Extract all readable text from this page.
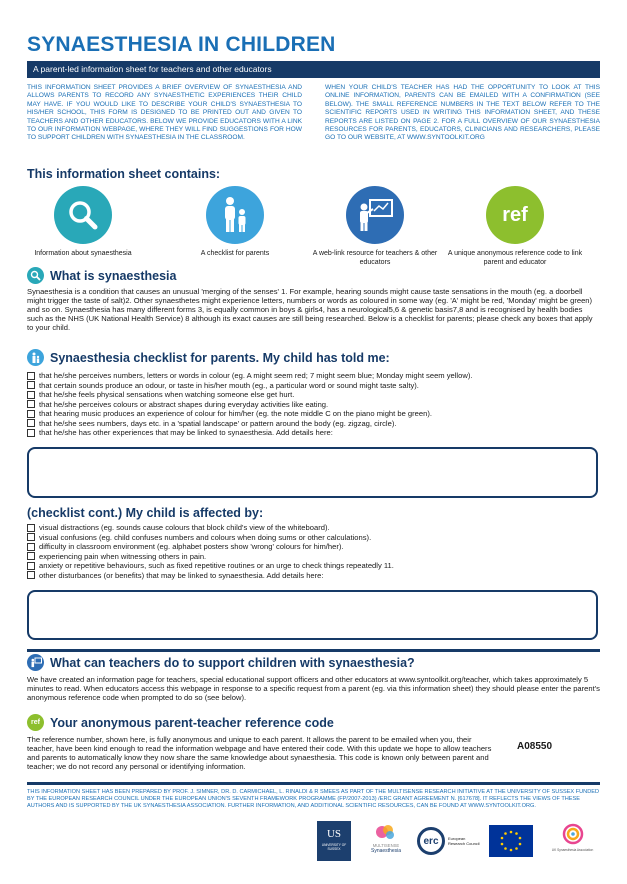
SYNAESTHESIA IN CHILDREN
A parent-led information sheet for teachers and other educators
THIS INFORMATION SHEET PROVIDES A BRIEF OVERVIEW OF SYNAESTHESIA AND ALLOWS PARENTS TO RECORD ANY SYNAESTHETIC EXPERIENCES THEIR CHILD MAY HAVE. IF YOU WOULD LIKE TO DESCRIBE YOUR CHILD'S SYNAESTHESIA TO HIS/HER SCHOOL, THIS FORM IS DESIGNED TO BE PRINTED OUT AND GIVEN TO TEACHERS AND OTHER EDUCATORS. BELOW WE PROVIDE EDUCATORS WITH A LINK TO OUR INFORMATION WEBPAGE, WHERE THEY WILL FIND SUGGESTIONS FOR HOW TO SUPPORT CHILDREN WITH SYNAESTHESIA IN THE CLASSROOM.
WHEN YOUR CHILD'S TEACHER HAS HAD THE OPPORTUNITY TO LOOK AT THIS ONLINE INFORMATION, PARENTS CAN BE EMAILED WITH A CONFIRMATION (SEE BELOW). THE SMALL REFERENCE NUMBERS IN THE TEXT BELOW REFER TO THE SCIENTIFIC REPORTS USED IN WRITING THIS INFORMATION SHEET, AND THESE REPORTS ARE LISTED ON PAGE 2. FOR A FULL OVERVIEW OF OUR SYNAESTHESIA RESOURCES FOR PARENTS, EDUCATORS, CLINICIANS AND RESEARCHERS, PLEASE GO TO OUR WEBSITE, AT WWW.SYNTOOLKIT.ORG
This information sheet contains:
Information about synaesthesia	A checklist for parents	A web-link resource for teachers & other educators
ref
A unique anonymous reference code to link parent and educator
What is synaesthesia
Synaesthesia is a condition that causes an unusual 'merging of the senses' 1. For example, hearing sounds might cause taste sensations in the mouth (eg. a doorbell might trigger the taste of salt)2. Other synaesthetes might experience letters, numbers or words as coloured in some way (eg. 'A' might be red, 'Monday' might be green) and so on. Synaesthesia has many different forms 3, is equally common in boys & girls4, has a neurological5,6 & genetic basis7,8 and is recognised by health bodies such as the NHS (UK National Health Service) 8 although its exact causes are still being researched. Below is a checklist for parents; please check any boxes that apply to your child.
Synaesthesia checklist for parents. My child has told me:
that he/she perceives numbers, letters or words in colour (eg. A might seem red; 7 might seem blue; Monday might seem yellow).
that certain sounds produce an odour, or taste in his/her mouth (eg., a particular word or sound might taste salty).
that he/she feels physical sensations when watching someone else get hurt.
that he/she perceives colours or abstract shapes during everyday activities like eating.
that hearing music produces an experience of colour for him/her (eg. the note middle C on the piano might be green).
that he/she sees numbers, days etc. in a 'spatial landscape' or pattern around the body (eg. zigzag, circle).
that he/she has other experiences that may be linked to synaesthesia. Add details here:
(checklist cont.) My child is affected by:
visual distractions (eg. sounds cause colours that block child's view of the whiteboard).
visual confusions (eg. child confuses numbers and colours when doing sums or other calculations).
difficulty in classroom environment (eg. alphabet posters show 'wrong' colours for him/her).
experiencing pain when witnessing others in pain.
anxiety or repetitive behaviours, such as fixed repetitive routines or an urge to check things repeatedly 11.
other disturbances (or benefits) that may be linked to synaesthesia. Add details here:
What can teachers do to support children with synaesthesia?
We have created an information page for teachers, special educational support officers and other educators at www.syntoolkit.org/teacher, which takes approximately 5 minutes to read. When educators access this webpage in response to a specific request from a parent (eg. via this information sheet) they should please enter the parent's anonymous reference code when prompted to do so (see below).
ref Your anonymous parent-teacher reference code
The reference number, shown here, is fully anonymous and unique to each parent. It allows the parent to be emailed when you, their teacher, have been kind enough to read the information webpage and have entered their code. With this update we hope to allow teachers and parents to automatically know they now share the same knowledge about synaesthesia. This code is known only between parent and teacher; we do not record any personal or identifying information.
A08550
THIS INFORMATION SHEET HAS BEEN PREPARED BY PROF. J. SIMNER, DR. D. CARMICHAEL, L. RINALDI & R SMEES AS PART OF THE MULTISENSE RESEARCH INITIATIVE AT THE UNIVERSITY OF SUSSEX FUNDED BY THE EUROPEAN RESEARCH COUNCIL UNDER THE EUROPEAN UNION'S SEVENTH FRAMEWORK PROGRAMME (FP/2007-2013) /ERC GRANT AGREEMENT N. [617678]. IT REFLECTS THE VIEWS OF THESE AUTHORS AND IS SUPPORTED BY THE UK SYNAESTHESIA ASSOCIATION. FURTHER INFORMATION, AND ADDITIONAL SCIENTIFIC RESOURCES, CAN BE FOUND AT WWW.SYNTOOLKIT.ORG.
US
UNIVERSITY OF SUSSEX
MULTISENSE
Synaesthesia
erc	European Research Council
UK Synaesthesia Association
